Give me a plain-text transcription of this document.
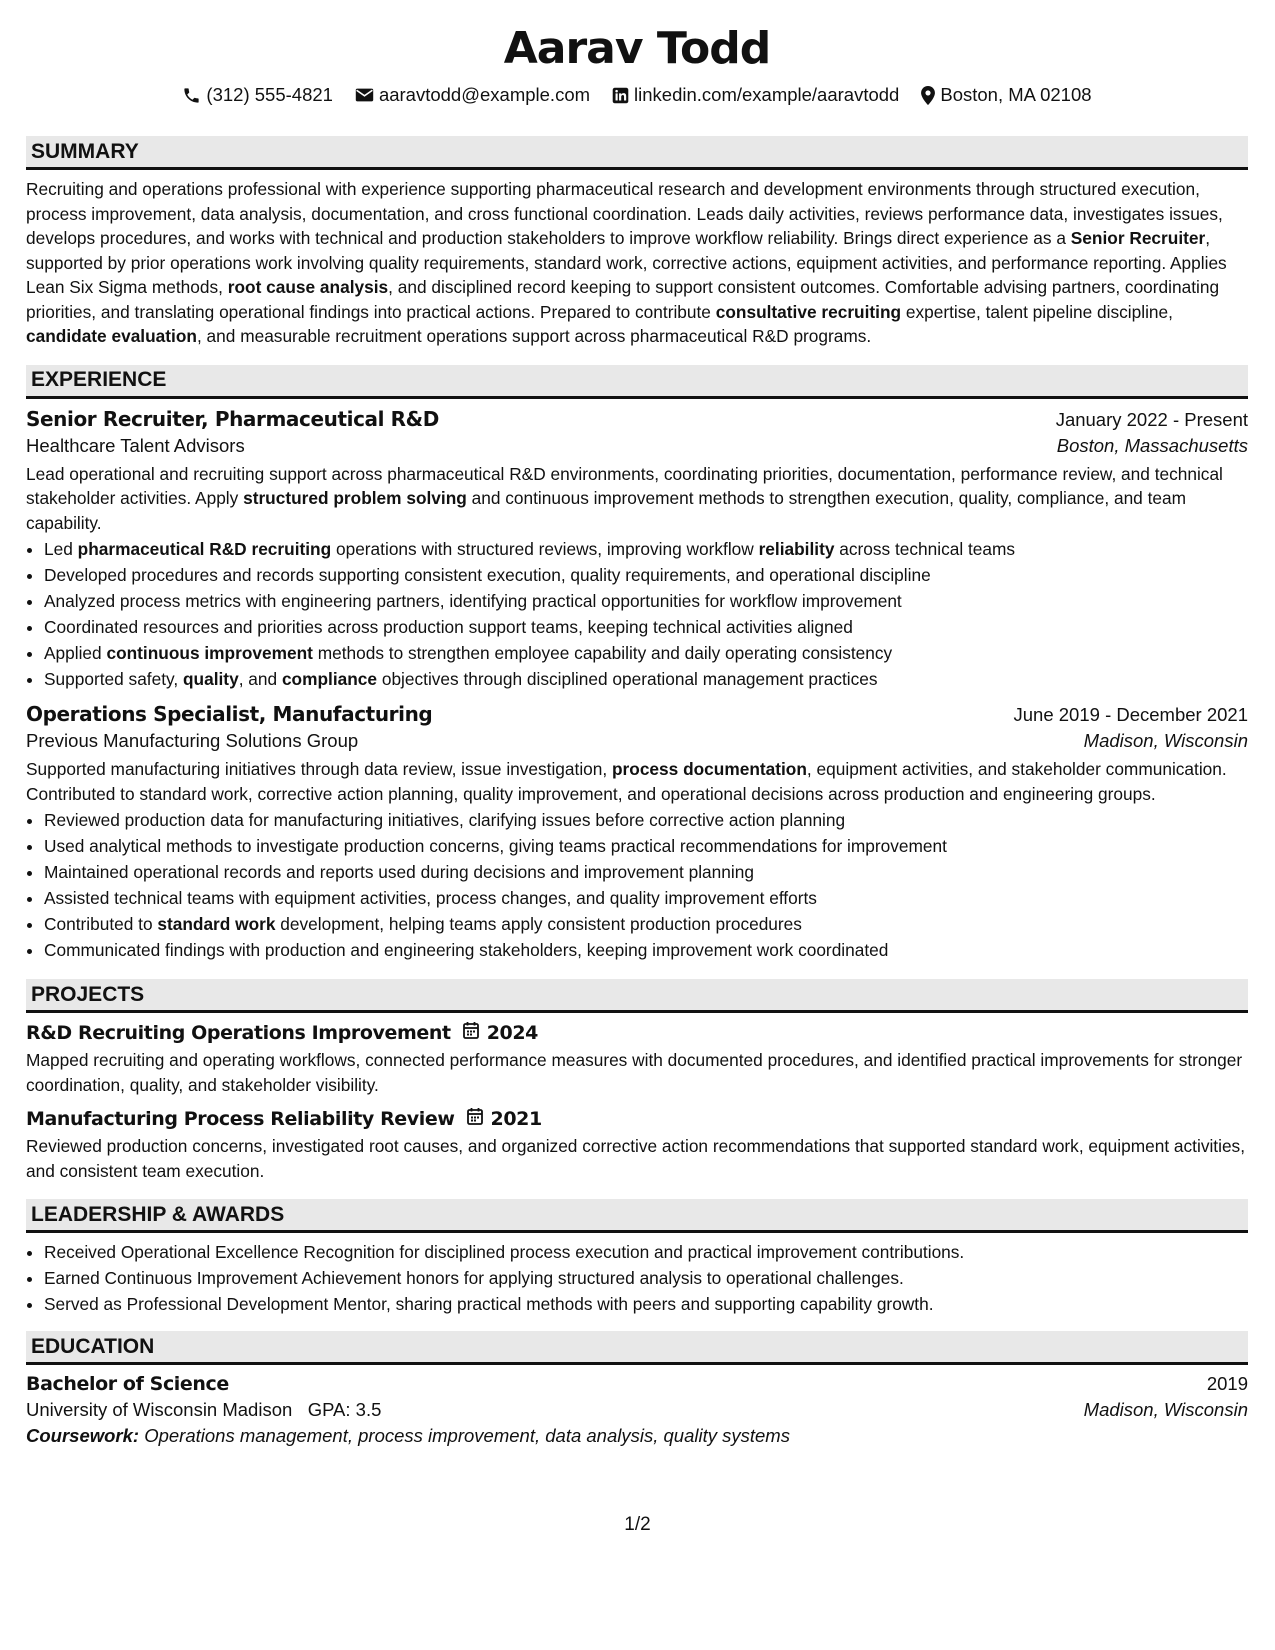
Aarav Todd
(312) 555-4821 aaravtodd@example.com linkedin.com/example/aaravtodd Boston, MA 02108
SUMMARY
Recruiting and operations professional with experience supporting pharmaceutical research and development environments through structured execution, process improvement, data analysis, documentation, and cross functional coordination. Leads daily activities, reviews performance data, investigates issues, develops procedures, and works with technical and production stakeholders to improve workflow reliability. Brings direct experience as a Senior Recruiter, supported by prior operations work involving quality requirements, standard work, corrective actions, equipment activities, and performance reporting. Applies Lean Six Sigma methods, root cause analysis, and disciplined record keeping to support consistent outcomes. Comfortable advising partners, coordinating priorities, and translating operational findings into practical actions. Prepared to contribute consultative recruiting expertise, talent pipeline discipline, candidate evaluation, and measurable recruitment operations support across pharmaceutical R&D programs.
EXPERIENCE
Senior Recruiter, Pharmaceutical R&D	January 2022 - Present
Healthcare Talent Advisors	Boston, Massachusetts
Lead operational and recruiting support across pharmaceutical R&D environments, coordinating priorities, documentation, performance review, and technical stakeholder activities. Apply structured problem solving and continuous improvement methods to strengthen execution, quality, compliance, and team capability.
• Led pharmaceutical R&D recruiting operations with structured reviews, improving workflow reliability across technical teams
• Developed procedures and records supporting consistent execution, quality requirements, and operational discipline
• Analyzed process metrics with engineering partners, identifying practical opportunities for workflow improvement
• Coordinated resources and priorities across production support teams, keeping technical activities aligned
• Applied continuous improvement methods to strengthen employee capability and daily operating consistency
• Supported safety, quality, and compliance objectives through disciplined operational management practices
Operations Specialist, Manufacturing	June 2019 - December 2021
Previous Manufacturing Solutions Group	Madison, Wisconsin
Supported manufacturing initiatives through data review, issue investigation, process documentation, equipment activities, and stakeholder communication. Contributed to standard work, corrective action planning, quality improvement, and operational decisions across production and engineering groups.
• Reviewed production data for manufacturing initiatives, clarifying issues before corrective action planning
• Used analytical methods to investigate production concerns, giving teams practical recommendations for improvement
• Maintained operational records and reports used during decisions and improvement planning
• Assisted technical teams with equipment activities, process changes, and quality improvement efforts
• Contributed to standard work development, helping teams apply consistent production procedures
• Communicated findings with production and engineering stakeholders, keeping improvement work coordinated
PROJECTS
R&D Recruiting Operations Improvement 2024
Mapped recruiting and operating workflows, connected performance measures with documented procedures, and identified practical improvements for stronger coordination, quality, and stakeholder visibility.
Manufacturing Process Reliability Review 2021
Reviewed production concerns, investigated root causes, and organized corrective action recommendations that supported standard work, equipment activities, and consistent team execution.
LEADERSHIP & AWARDS
• Received Operational Excellence Recognition for disciplined process execution and practical improvement contributions.
• Earned Continuous Improvement Achievement honors for applying structured analysis to operational challenges.
• Served as Professional Development Mentor, sharing practical methods with peers and supporting capability growth.
EDUCATION
Bachelor of Science	2019
University of Wisconsin Madison GPA: 3.5	Madison, Wisconsin
Coursework: Operations management, process improvement, data analysis, quality systems
1/2
